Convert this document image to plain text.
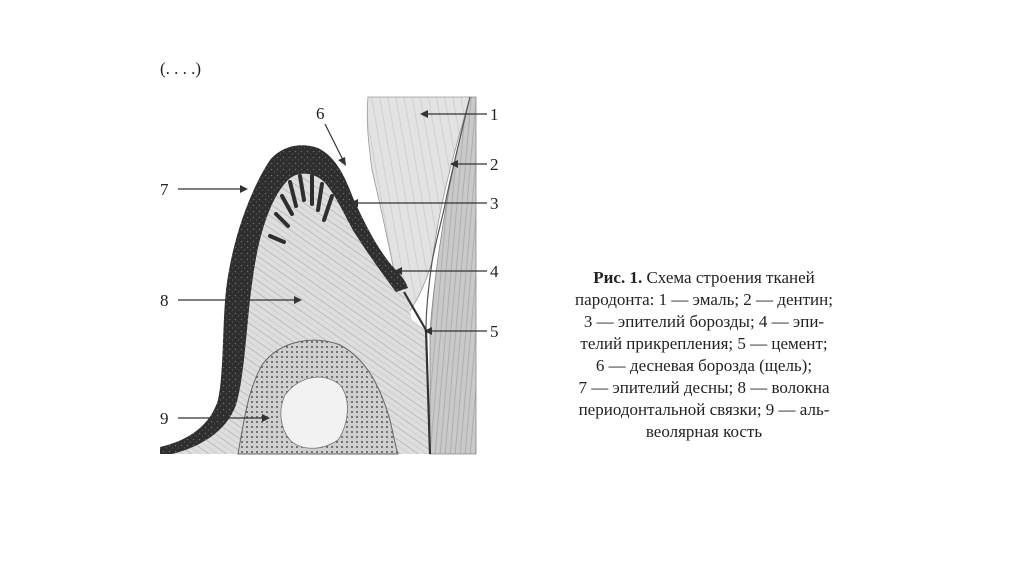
(. . . .)
1
2
3
4
5
6
7
8
9
Рис. 1. Схема строения тканей
пародонта: 1 — эмаль; 2 — дентин;
3 — эпителий борозды; 4 — эпи-
телий прикрепления; 5 — цемент;
6 — десневая борозда (щель);
7 — эпителий десны; 8 — волокна
периодонтальной связки; 9 — аль-
веолярная кость
